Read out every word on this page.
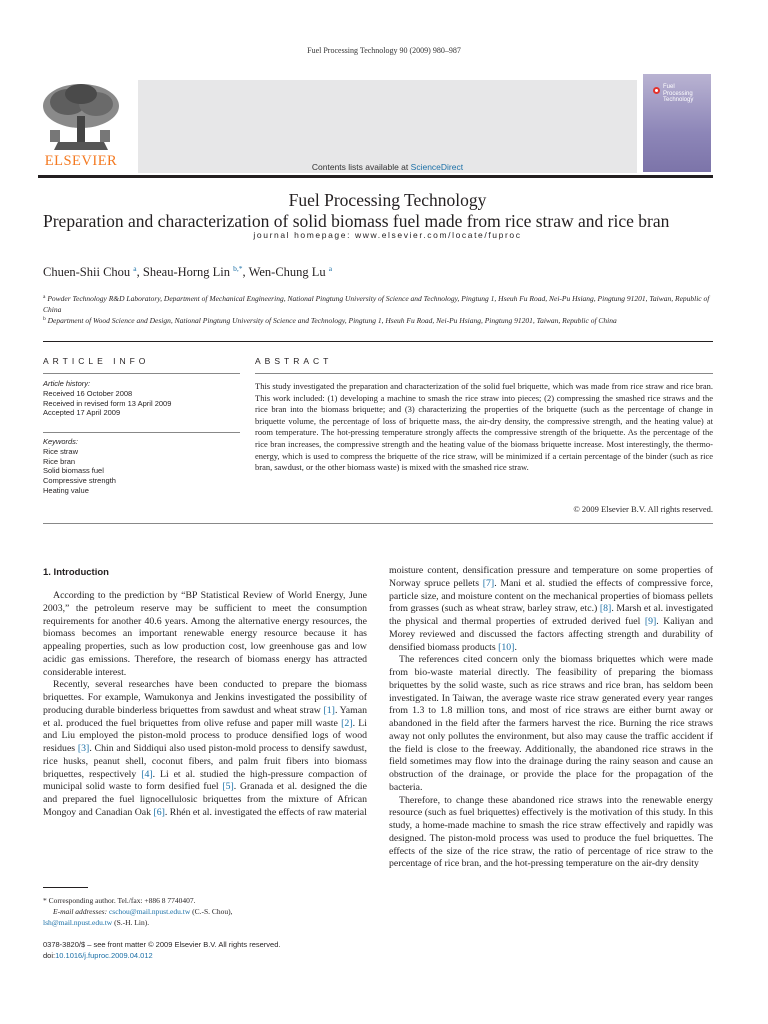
Fuel Processing Technology 90 (2009) 980–987
ELSEVIER	Contents lists available at ScienceDirect
Fuel Processing Technology
journal homepage: www.elsevier.com/locate/fuproc
Fuel
Processing
Technology
Preparation and characterization of solid biomass fuel made from rice straw and rice bran
Chuen-Shii Chou $^a$, Sheau-Horng Lin $^{b,*}$, Wen-Chung Lu $^a$
$^a$ Powder Technology R&D Laboratory, Department of Mechanical Engineering, National Pingtung University of Science and Technology, Pingtung 1, Hseuh Fu Road, Nei-Pu Hsiang, Pingtung 91201, Taiwan, Republic of China
$^b$ Department of Wood Science and Design, National Pingtung University of Science and Technology, Pingtung 1, Hseuh Fu Road, Nei-Pu Hsiang, Pingtung 91201, Taiwan, Republic of China
ARTICLE INFO
Article history:
Received 16 October 2008
Received in revised form 13 April 2009
Accepted 17 April 2009
Keywords:
Rice straw
Rice bran
Solid biomass fuel
Compressive strength
Heating value
ABSTRACT
This study investigated the preparation and characterization of the solid fuel briquette, which was made from rice straw and rice bran. This work included: (1) developing a machine to smash the rice straw into pieces; (2) compressing the smashed rice straws and the rice bran into the biomass briquette; and (3) characterizing the properties of the briquette (such as the percentage of change in briquette volume, the percentage of loss of briquette mass, the air-dry density, the compressive strength, and the heating value) at room temperature. The hot-pressing temperature strongly affects the compressive strength of the briquette. As the percentage of the rice bran increases, the compressive strength and the heating value of the biomass briquette increase. Most interestingly, the thermo-energy, which is used to compress the briquette of the rice straw, will be minimized if a certain percentage of the binder (such as rice bran, sawdust, or the other biomass waste) is mixed with the smashed rice straw.
© 2009 Elsevier B.V. All rights reserved.
1. Introduction

According to the prediction by “BP Statistical Review of World Energy, June 2003,” the petroleum reserve may be sufficient to meet the consumption requirements for another 40.6 years. Among the alternative energy resources, the biomass becomes an important renewable energy resource because it has appealing properties, such as low production cost, low greenhouse gas and low acidic gas emissions. Therefore, the research of biomass energy has attracted considerable interest.

Recently, several researches have been conducted to prepare the biomass briquettes. For example, Wamukonya and Jenkins investigated the possibility of producing durable binderless briquettes from sawdust and wheat straw [1]. Yaman et al. produced the fuel briquettes from olive refuse and paper mill waste [2]. Li and Liu employed the piston-mold process to produce densified logs of wood residues [3]. Chin and Siddiqui also used piston-mold process to densify sawdust, rice husks, peanut shell, coconut fibers, and palm fruit fibers into biomass briquettes, respectively [4]. Li et al. studied the high-pressure compaction of municipal solid waste to form desified fuel [5]. Granada et al. designed the die and prepared the fuel lignocellulosic briquettes from the mixture of African Mongoy and Canadian Oak [6]. Rhén et al. investigated the effects of raw material

moisture content, densification pressure and temperature on some properties of Norway spruce pellets [7]. Mani et al. studied the effects of compressive force, particle size, and moisture content on the mechanical properties of biomass pellets from grasses (such as wheat straw, barley straw, etc.) [8]. Marsh et al. investigated the physical and thermal properties of extruded derived fuel [9]. Kaliyan and Morey reviewed and discussed the factors affecting strength and durability of densified biomass products [10].

The references cited concern only the biomass briquettes which were made from bio-waste material directly. The feasibility of preparing the biomass briquettes by the solid waste, such as rice straws and rice bran, has seldom been investigated. In Taiwan, the average waste rice straw generated every year ranges from 1.3 to 1.8 million tons, and most of rice straws are either burnt away or abandoned in the field after the farmers harvest the rice. Burning the rice straws away not only pollutes the environment, but also may cause the traffic accident if the field is close to the freeway. Additionally, the abandoned rice straws in the field sometimes may flow into the drainage during the rainy season and cause an obstruction of the drainage, or provide the place for the propagation of the bacteria.

Therefore, to change these abandoned rice straws into the renewable energy resource (such as fuel briquettes) effectively is the motivation of this study. In this study, a home-made machine to smash the rice straw effectively and rapidly was designed. The piston-mold process was used to produce the fuel briquettes. The effects of the size of the rice straw, the ratio of percentage of rice straw to the percentage of rice bran, and the hot-pressing temperature on the air-dry density

* Corresponding author. Tel./fax: +886 8 7740407.
E-mail addresses: cschou@mail.npust.edu.tw (C.-S. Chou),
lsh@mail.npust.edu.tw (S.-H. Lin).
0378-3820/$ – see front matter © 2009 Elsevier B.V. All rights reserved.
doi:10.1016/j.fuproc.2009.04.012
